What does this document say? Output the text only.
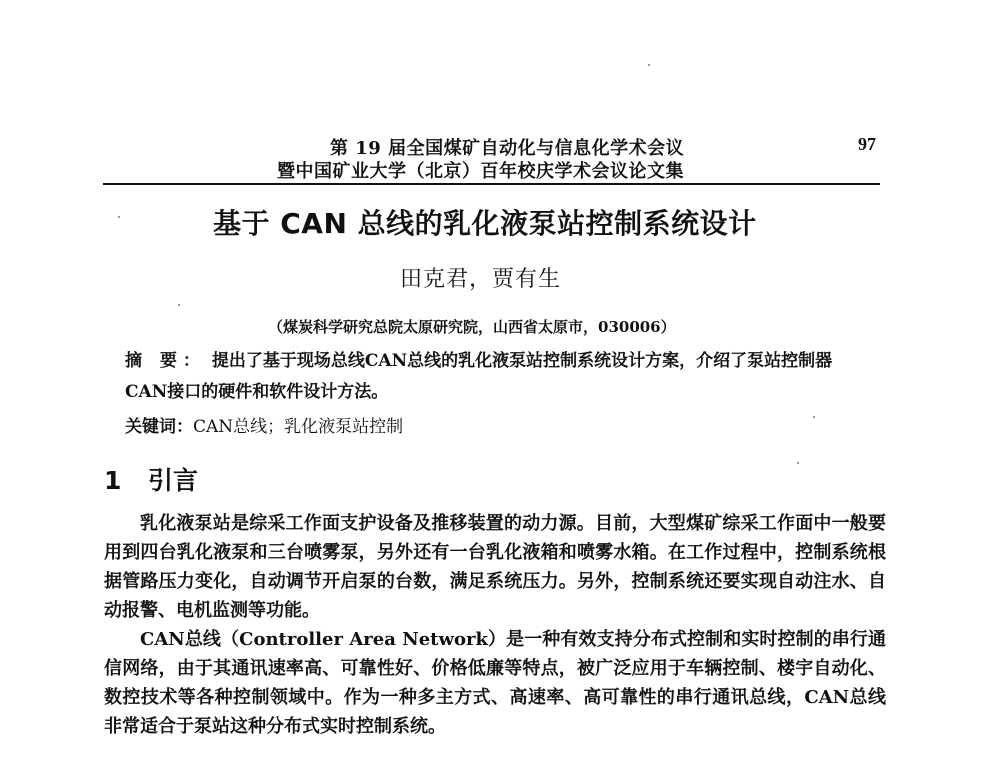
第 19 届全国煤矿自动化与信息化学术会议
暨中国矿业大学（北京）百年校庆学术会议论文集
97
基于 CAN 总线的乳化液泵站控制系统设计
田克君，贾有生
（煤炭科学研究总院太原研究院，山西省太原市，030006）
摘 要： 提出了基于现场总线CAN总线的乳化液泵站控制系统设计方案，介绍了泵站控制器CAN接口的硬件和软件设计方法。
关键词：CAN总线；乳化液泵站控制
1 引言

乳化液泵站是综采工作面支护设备及推移装置的动力源。目前，大型煤矿综采工作面中一般要用到四台乳化液泵和三台喷雾泵，另外还有一台乳化液箱和喷雾水箱。在工作过程中，控制系统根据管路压力变化，自动调节开启泵的台数，满足系统压力。另外，控制系统还要实现自动注水、自动报警、电机监测等功能。

CAN总线（Controller Area Network）是一种有效支持分布式控制和实时控制的串行通信网络，由于其通讯速率高、可靠性好、价格低廉等特点，被广泛应用于车辆控制、楼宇自动化、数控技术等各种控制领域中。作为一种多主方式、高速率、高可靠性的串行通讯总线，CAN总线非常适合于泵站这种分布式实时控制系统。
